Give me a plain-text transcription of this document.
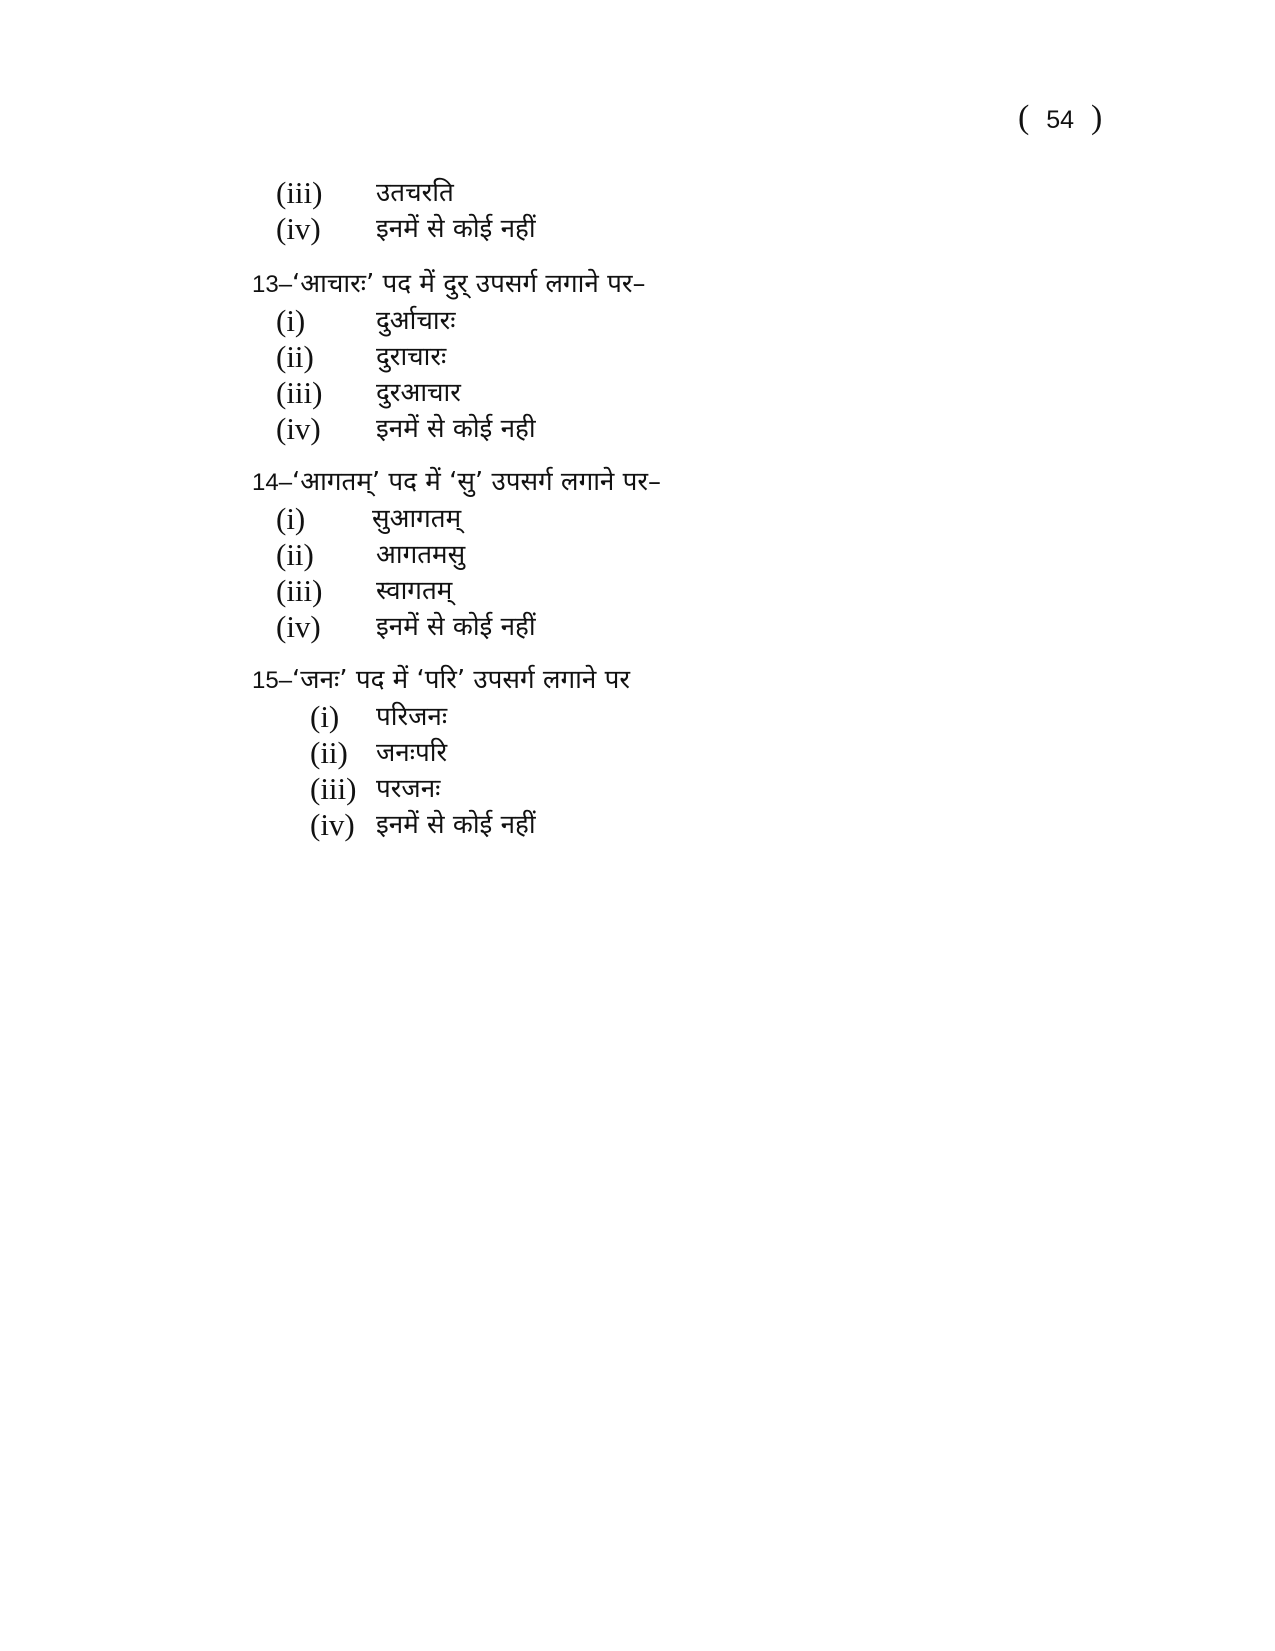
( 54 )
(iii) उतचरति
(iv) इनमें से कोई नहीं
13–‘आचारः’ पद में दुर् उपसर्ग लगाने पर–
(i)	दुर्आचारः
(ii) दुराचारः
(iii) दुरआचार
(iv) इनमें से कोई नही
14–‘आगतम्’ पद में ‘सु’ उपसर्ग लगाने पर–
(i)	सुआगतम्
(ii) आगतमसु
(iii) स्वागतम्
(iv) इनमें से कोई नहीं
15–‘जनः’ पद में ‘परि’ उपसर्ग लगाने पर
(i) परिजनः
(ii) जनःपरि
(iii) परजनः
(iv) इनमें से कोई नहीं
